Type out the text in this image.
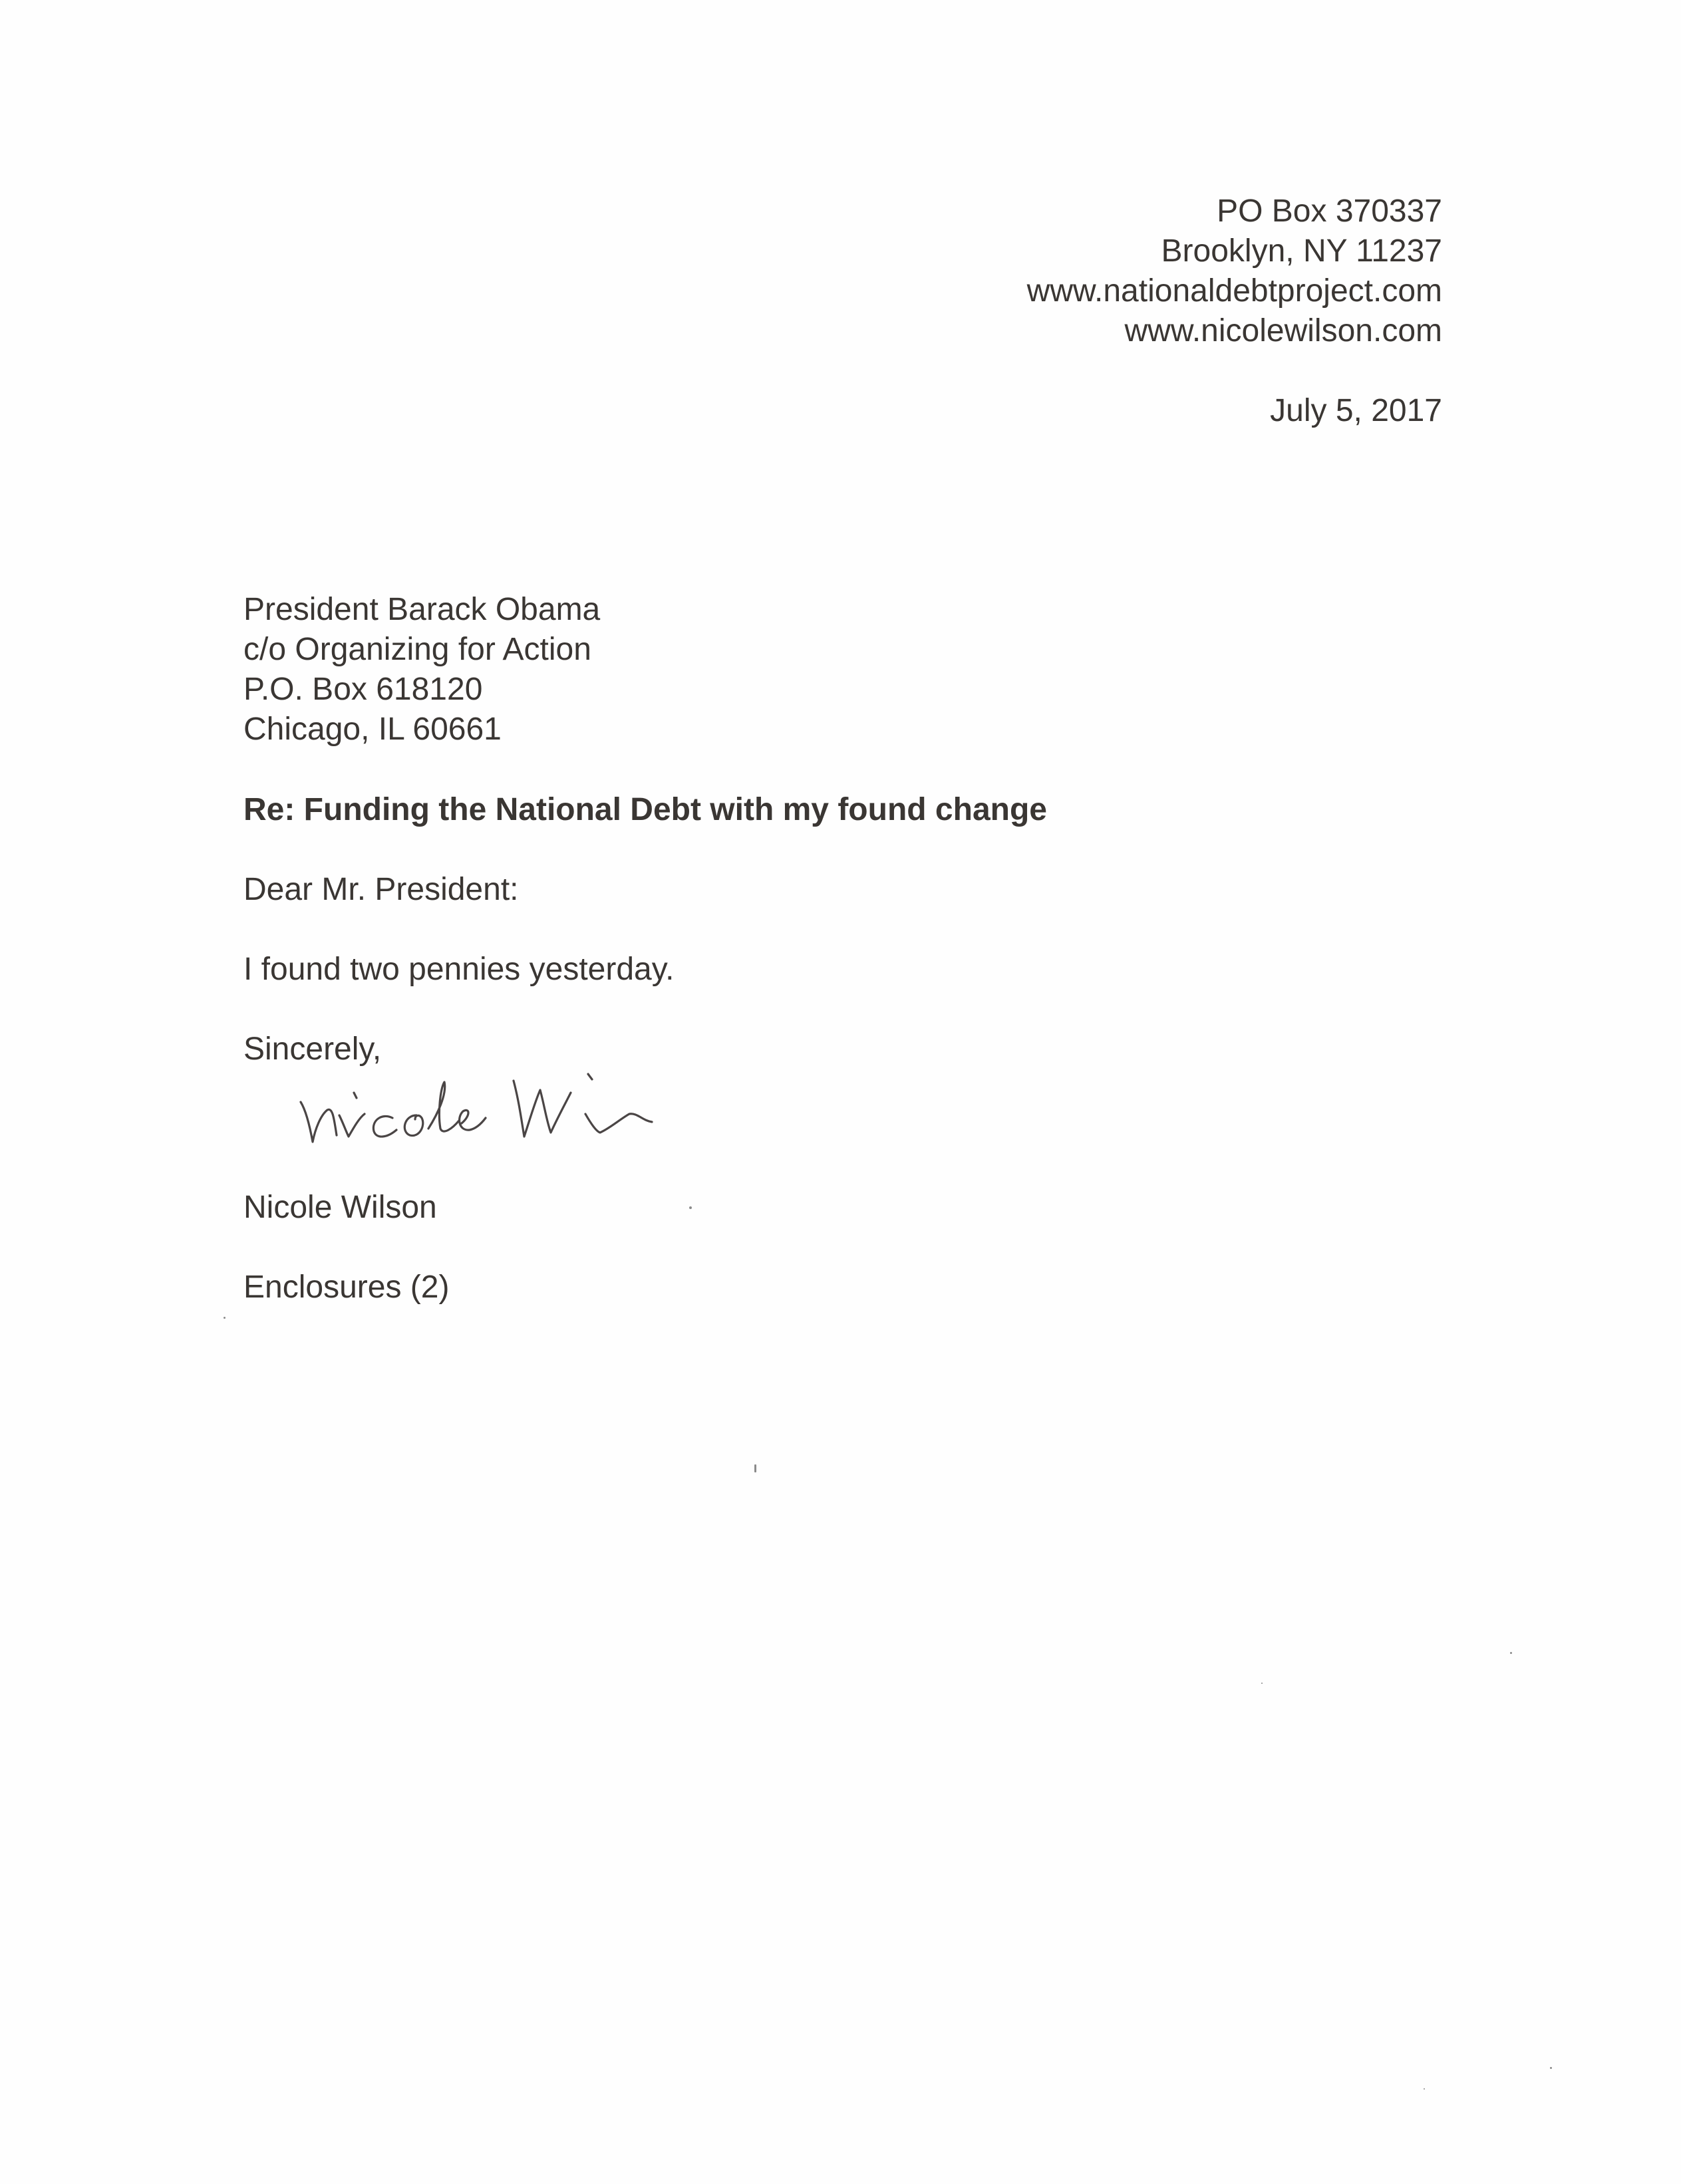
PO Box 370337
Brooklyn, NY 11237
www.nationaldebtproject.com
www.nicolewilson.com
July 5, 2017
President Barack Obama
c/o Organizing for Action
P.O. Box 618120
Chicago, IL 60661
Re: Funding the National Debt with my found change
Dear Mr. President:
I found two pennies yesterday.
Sincerely,
Nicole Wilson
Enclosures (2)
